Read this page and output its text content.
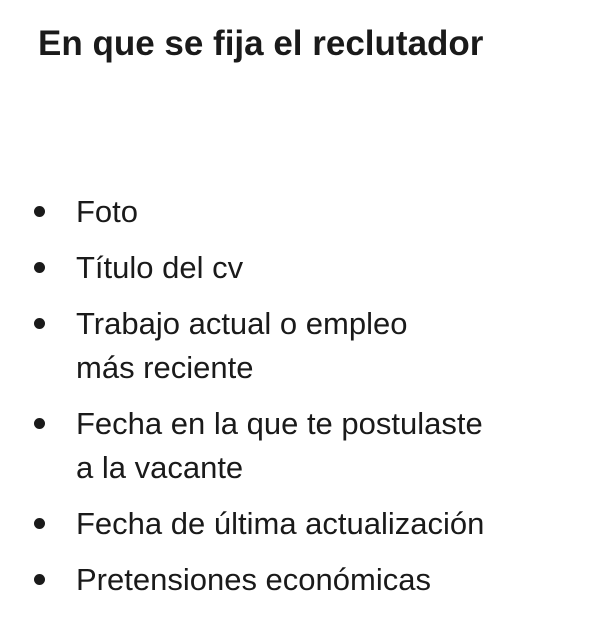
En que se fija el reclutador
Foto
Título del cv
Trabajo actual o empleo
más reciente
Fecha en la que te postulaste
a la vacante
Fecha de última actualización
Pretensiones económicas
